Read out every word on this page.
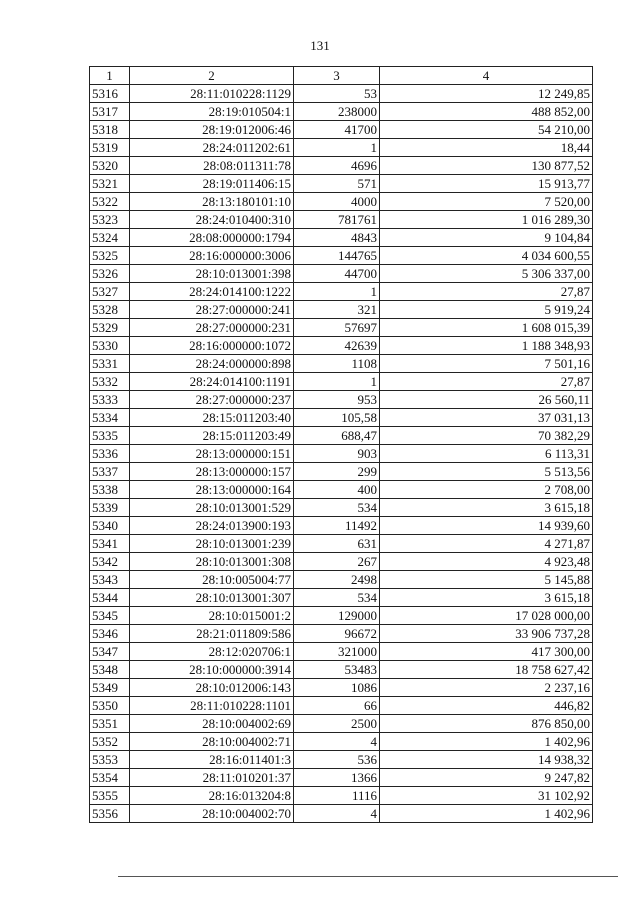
131
1	2	3	4
5316	28:11:010228:1129	53	12 249,85
5317	28:19:010504:1	238000	488 852,00
5318	28:19:012006:46	41700	54 210,00
5319	28:24:011202:61	1	18,44
5320	28:08:011311:78	4696	130 877,52
5321	28:19:011406:15	571	15 913,77
5322	28:13:180101:10	4000	7 520,00
5323	28:24:010400:310	781761	1 016 289,30
5324	28:08:000000:1794	4843	9 104,84
5325	28:16:000000:3006	144765	4 034 600,55
5326	28:10:013001:398	44700	5 306 337,00
5327	28:24:014100:1222	1	27,87
5328	28:27:000000:241	321	5 919,24
5329	28:27:000000:231	57697	1 608 015,39
5330	28:16:000000:1072	42639	1 188 348,93
5331	28:24:000000:898	1108	7 501,16
5332	28:24:014100:1191	1	27,87
5333	28:27:000000:237	953	26 560,11
5334	28:15:011203:40	105,58	37 031,13
5335	28:15:011203:49	688,47	70 382,29
5336	28:13:000000:151	903	6 113,31
5337	28:13:000000:157	299	5 513,56
5338	28:13:000000:164	400	2 708,00
5339	28:10:013001:529	534	3 615,18
5340	28:24:013900:193	11492	14 939,60
5341	28:10:013001:239	631	4 271,87
5342	28:10:013001:308	267	4 923,48
5343	28:10:005004:77	2498	5 145,88
5344	28:10:013001:307	534	3 615,18
5345	28:10:015001:2	129000	17 028 000,00
5346	28:21:011809:586	96672	33 906 737,28
5347	28:12:020706:1	321000	417 300,00
5348	28:10:000000:3914	53483	18 758 627,42
5349	28:10:012006:143	1086	2 237,16
5350	28:11:010228:1101	66	446,82
5351	28:10:004002:69	2500	876 850,00
5352	28:10:004002:71	4	1 402,96
5353	28:16:011401:3	536	14 938,32
5354	28:11:010201:37	1366	9 247,82
5355	28:16:013204:8	1116	31 102,92
5356	28:10:004002:70	4	1 402,96
